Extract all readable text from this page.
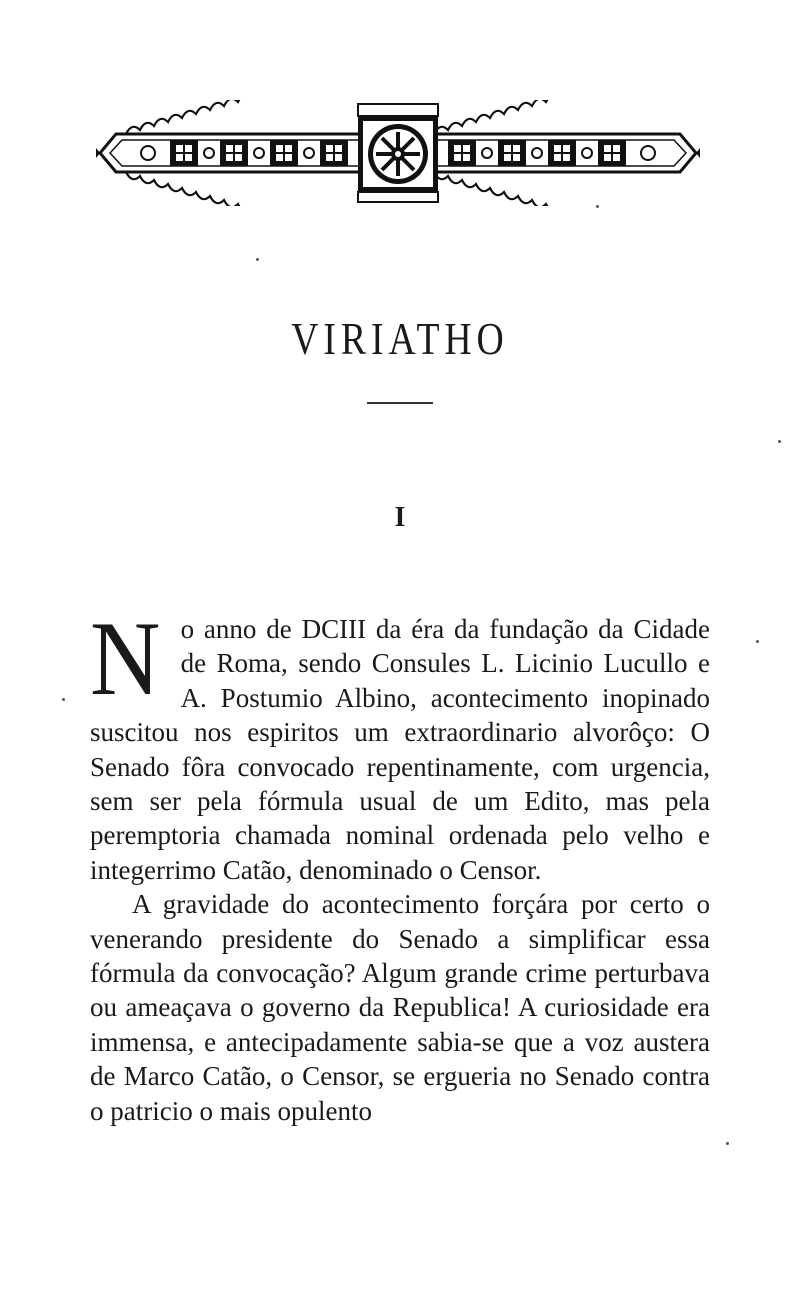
VIRIATHO
I

No anno de DCIII da éra da fundação da Cidade de Roma, sendo Consules L. Licinio Lucullo e A. Postumio Albino, acontecimento inopinado suscitou nos espiritos um extraordinario alvorôço: O Senado fôra convocado repentinamente, com urgencia, sem ser pela fórmula usual de um Edito, mas pela peremptoria chamada nominal ordenada pelo velho e integerrimo Catão, denominado o Censor.

A gravidade do acontecimento forçára por certo o venerando presidente do Senado a simplificar essa fórmula da convocação? Algum grande crime perturbava ou ameaçava o governo da Republica! A curiosidade era immensa, e antecipadamente sabia-se que a voz austera de Marco Catão, o Censor, se ergueria no Senado contra o patricio o mais opulento
